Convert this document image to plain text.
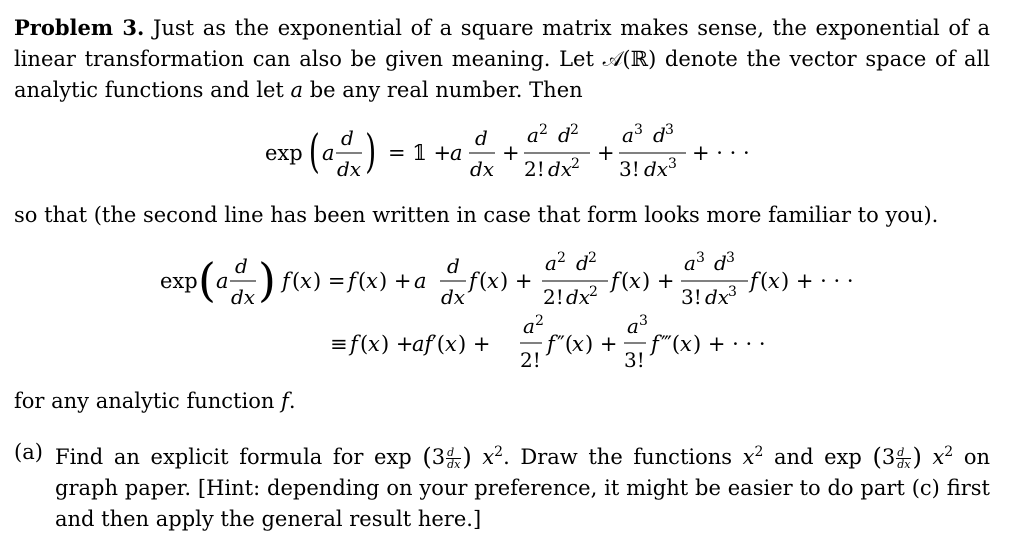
Problem 3. Just as the exponential of a square matrix makes sense, the exponential of a linear transformation can also be given meaning. Let 𝒜(ℝ) denote the vector space of all analytic functions and let a be any real number. Then
exp ( a
d
dx ) = 𝟙 +
a
d
dx
+
a 2 d 2
2! dx
2 +
a 3 d 3
3! dx 3 + · · ·
so that (the second line has been written in case that form looks more familiar to you).
exp ( a
d
dx ) f ( x ) = f ( x ) + a
d
dx
f ( x ) +
a 2 d 2
2! dx
2 f ( x ) +
a 3 d 3
3! dx
3 f ( x ) + · · ·
≡ f ( x ) +
af ′( x ) +
a 2
2!
f ″(
x ) +
a 3
3!
f ‴( x ) + · · ·
for any analytic function f.
(a) Find an explicit formula for $\exp (3 \frac{d}{dx}$ ) $x^2$. Draw the functions $x^2$ and $\exp (3 \frac{d}{dx}$ ) $x^2$ on graph paper. [Hint: depending on your preference, it might be easier to do part (c) first and then apply the general result here.]
